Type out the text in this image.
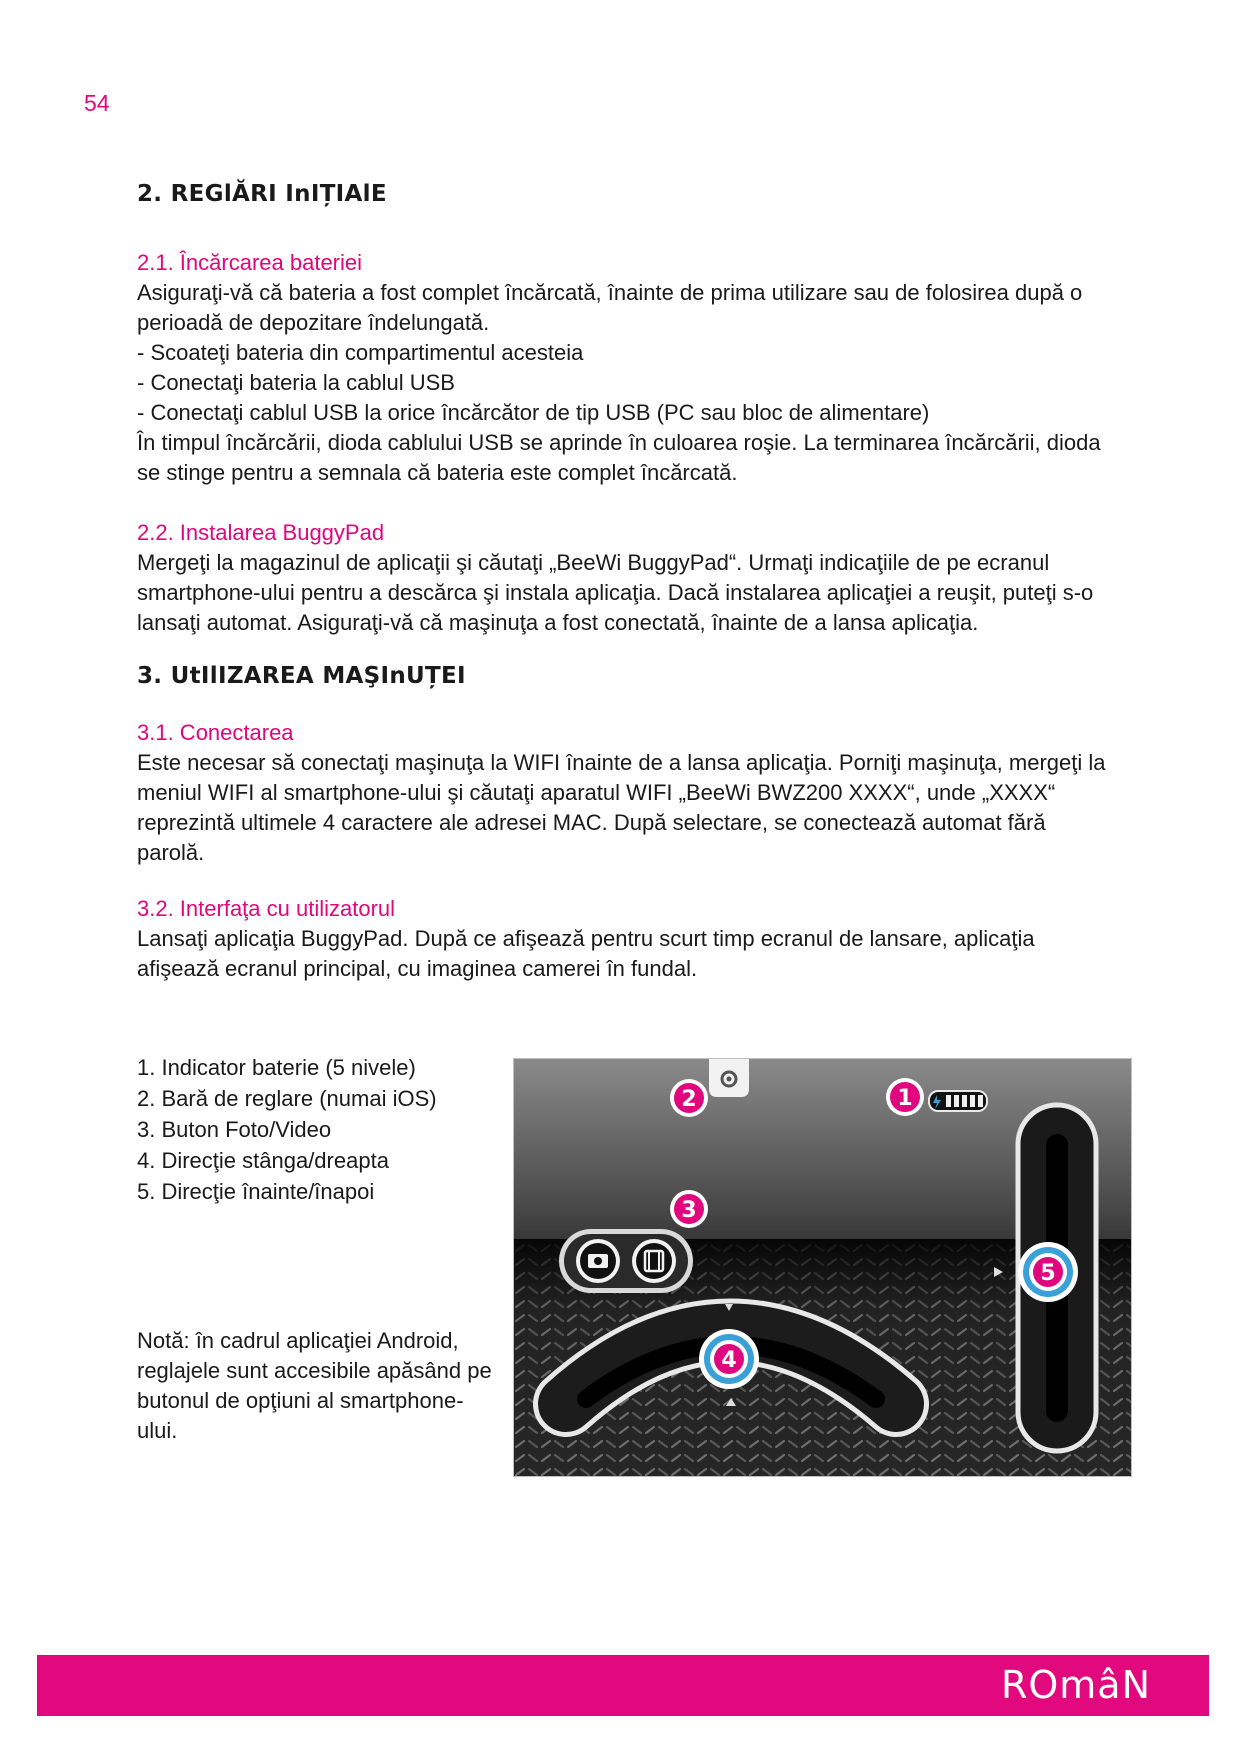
54
2. REGlĂRI InIȚIAlE

2.1. Încărcarea bateriei

Asiguraţi-vă că bateria a fost complet încărcată, înainte de prima utilizare sau de folosirea după o perioadă de depozitare îndelungată.

- Scoateţi bateria din compartimentul acesteia

- Conectaţi bateria la cablul USB

- Conectaţi cablul USB la orice încărcător de tip USB (PC sau bloc de alimentare)

În timpul încărcării, dioda cablului USB se aprinde în culoarea roşie. La terminarea încărcării, dioda se stinge pentru a semnala că bateria este complet încărcată.

2.2. Instalarea BuggyPad

Mergeţi la magazinul de aplicaţii şi căutaţi „BeeWi BuggyPad“. Urmaţi indicaţiile de pe ecranul smartphone-ului pentru a descărca şi instala aplicaţia. Dacă instalarea aplicaţiei a reuşit, puteţi s-o lansaţi automat. Asiguraţi-vă că maşinuţa a fost conectată, înainte de a lansa aplicaţia.

3. UtIlIZAREA MAŞInUȚEI

3.1. Conectarea

Este necesar să conectaţi maşinuţa la WIFI înainte de a lansa aplicaţia. Porniţi maşinuţa, mergeţi la meniul WIFI al smartphone-ului şi căutaţi aparatul WIFI „BeeWi BWZ200 XXXX“, unde „XXXX“ reprezintă ultimele 4 caractere ale adresei MAC. După selectare, se conectează automat fără parolă.

3.2. Interfaţa cu utilizatorul

Lansaţi aplicaţia BuggyPad. După ce afişează pentru scurt timp ecranul de lansare, aplicaţia afişează ecranul principal, cu imaginea camerei în fundal.

1. Indicator baterie (5 nivele)
2. Bară de reglare (numai iOS)
3. Buton Foto/Video
4. Direcţie stânga/dreapta
5. Direcţie înainte/înapoi

Notă: în cadrul aplicaţiei Android, reglajele sunt accesibile apăsând pe butonul de opţiuni al smartphone-ului.

1
2
3
4
5
ROmâN
